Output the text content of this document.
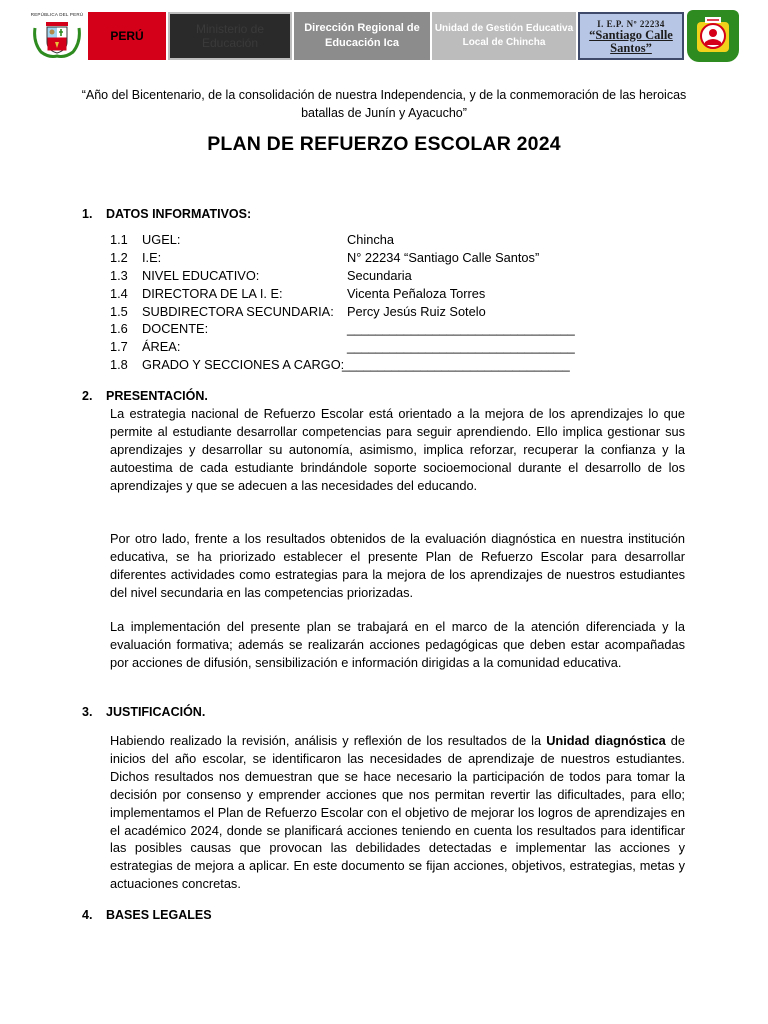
REPÚBLICA DEL PERÚ
PERÚ	Ministerio de Educación
Dirección Regional de Educación Ica
Unidad de Gestión Educativa Local de Chincha
I. E.P. Nº 22234
“Santiago Calle Santos”
“Año del Bicentenario, de la consolidación de nuestra Independencia, y de la conmemoración de las heroicas batallas de Junín y Ayacucho”
PLAN DE REFUERZO ESCOLAR 2024
1. DATOS INFORMATIVOS:
1.1 UGEL:	Chincha
1.2 I.E:	N° 22234 “Santiago Calle Santos”
1.3 NIVEL EDUCATIVO:	Secundaria
1.4 DIRECTORA DE LA I. E:	Vicenta Peñaloza Torres
1.5 SUBDIRECTORA SECUNDARIA: Percy Jesús Ruiz Sotelo
1.6 DOCENTE:	________________________________
1.7 ÁREA:	________________________________
1.8 GRADO Y SECCIONES A CARGO:
________________________________
2. PRESENTACIÓN.

La estrategia nacional de Refuerzo Escolar está orientado a la mejora de los aprendizajes lo que permite al estudiante desarrollar competencias para seguir aprendiendo. Ello implica gestionar sus aprendizajes y desarrollar su autonomía, asimismo, implica reforzar, recuperar la confianza y la autoestima de cada estudiante brindándole soporte socioemocional durante el desarrollo de los aprendizajes y que se adecuen a las necesidades del educando.

Por otro lado, frente a los resultados obtenidos de la evaluación diagnóstica en nuestra institución educativa, se ha priorizado establecer el presente Plan de Refuerzo Escolar para desarrollar diferentes actividades como estrategias para la mejora de los aprendizajes de nuestros estudiantes del nivel secundaria en las competencias priorizadas.

La implementación del presente plan se trabajará en el marco de la atención diferenciada y la evaluación formativa; además se realizarán acciones pedagógicas que deben estar acompañadas por acciones de difusión, sensibilización e información dirigidas a la comunidad educativa.

3. JUSTIFICACIÓN.

Habiendo realizado la revisión, análisis y reflexión de los resultados de la Unidad diagnóstica de inicios del año escolar, se identificaron las necesidades de aprendizaje de nuestros estudiantes. Dichos resultados nos demuestran que se hace necesario la participación de todos para tomar la decisión por consenso y emprender acciones que nos permitan revertir las dificultades, para ello; implementamos el Plan de Refuerzo Escolar con el objetivo de mejorar los logros de aprendizajes en el académico 2024, donde se planificará acciones teniendo en cuenta los resultados para identificar las posibles causas que provocan las debilidades detectadas e implementar las acciones y estrategias de mejora a aplicar. En este documento se fijan acciones, objetivos, estrategias, metas y actuaciones concretas.

4. BASES LEGALES
